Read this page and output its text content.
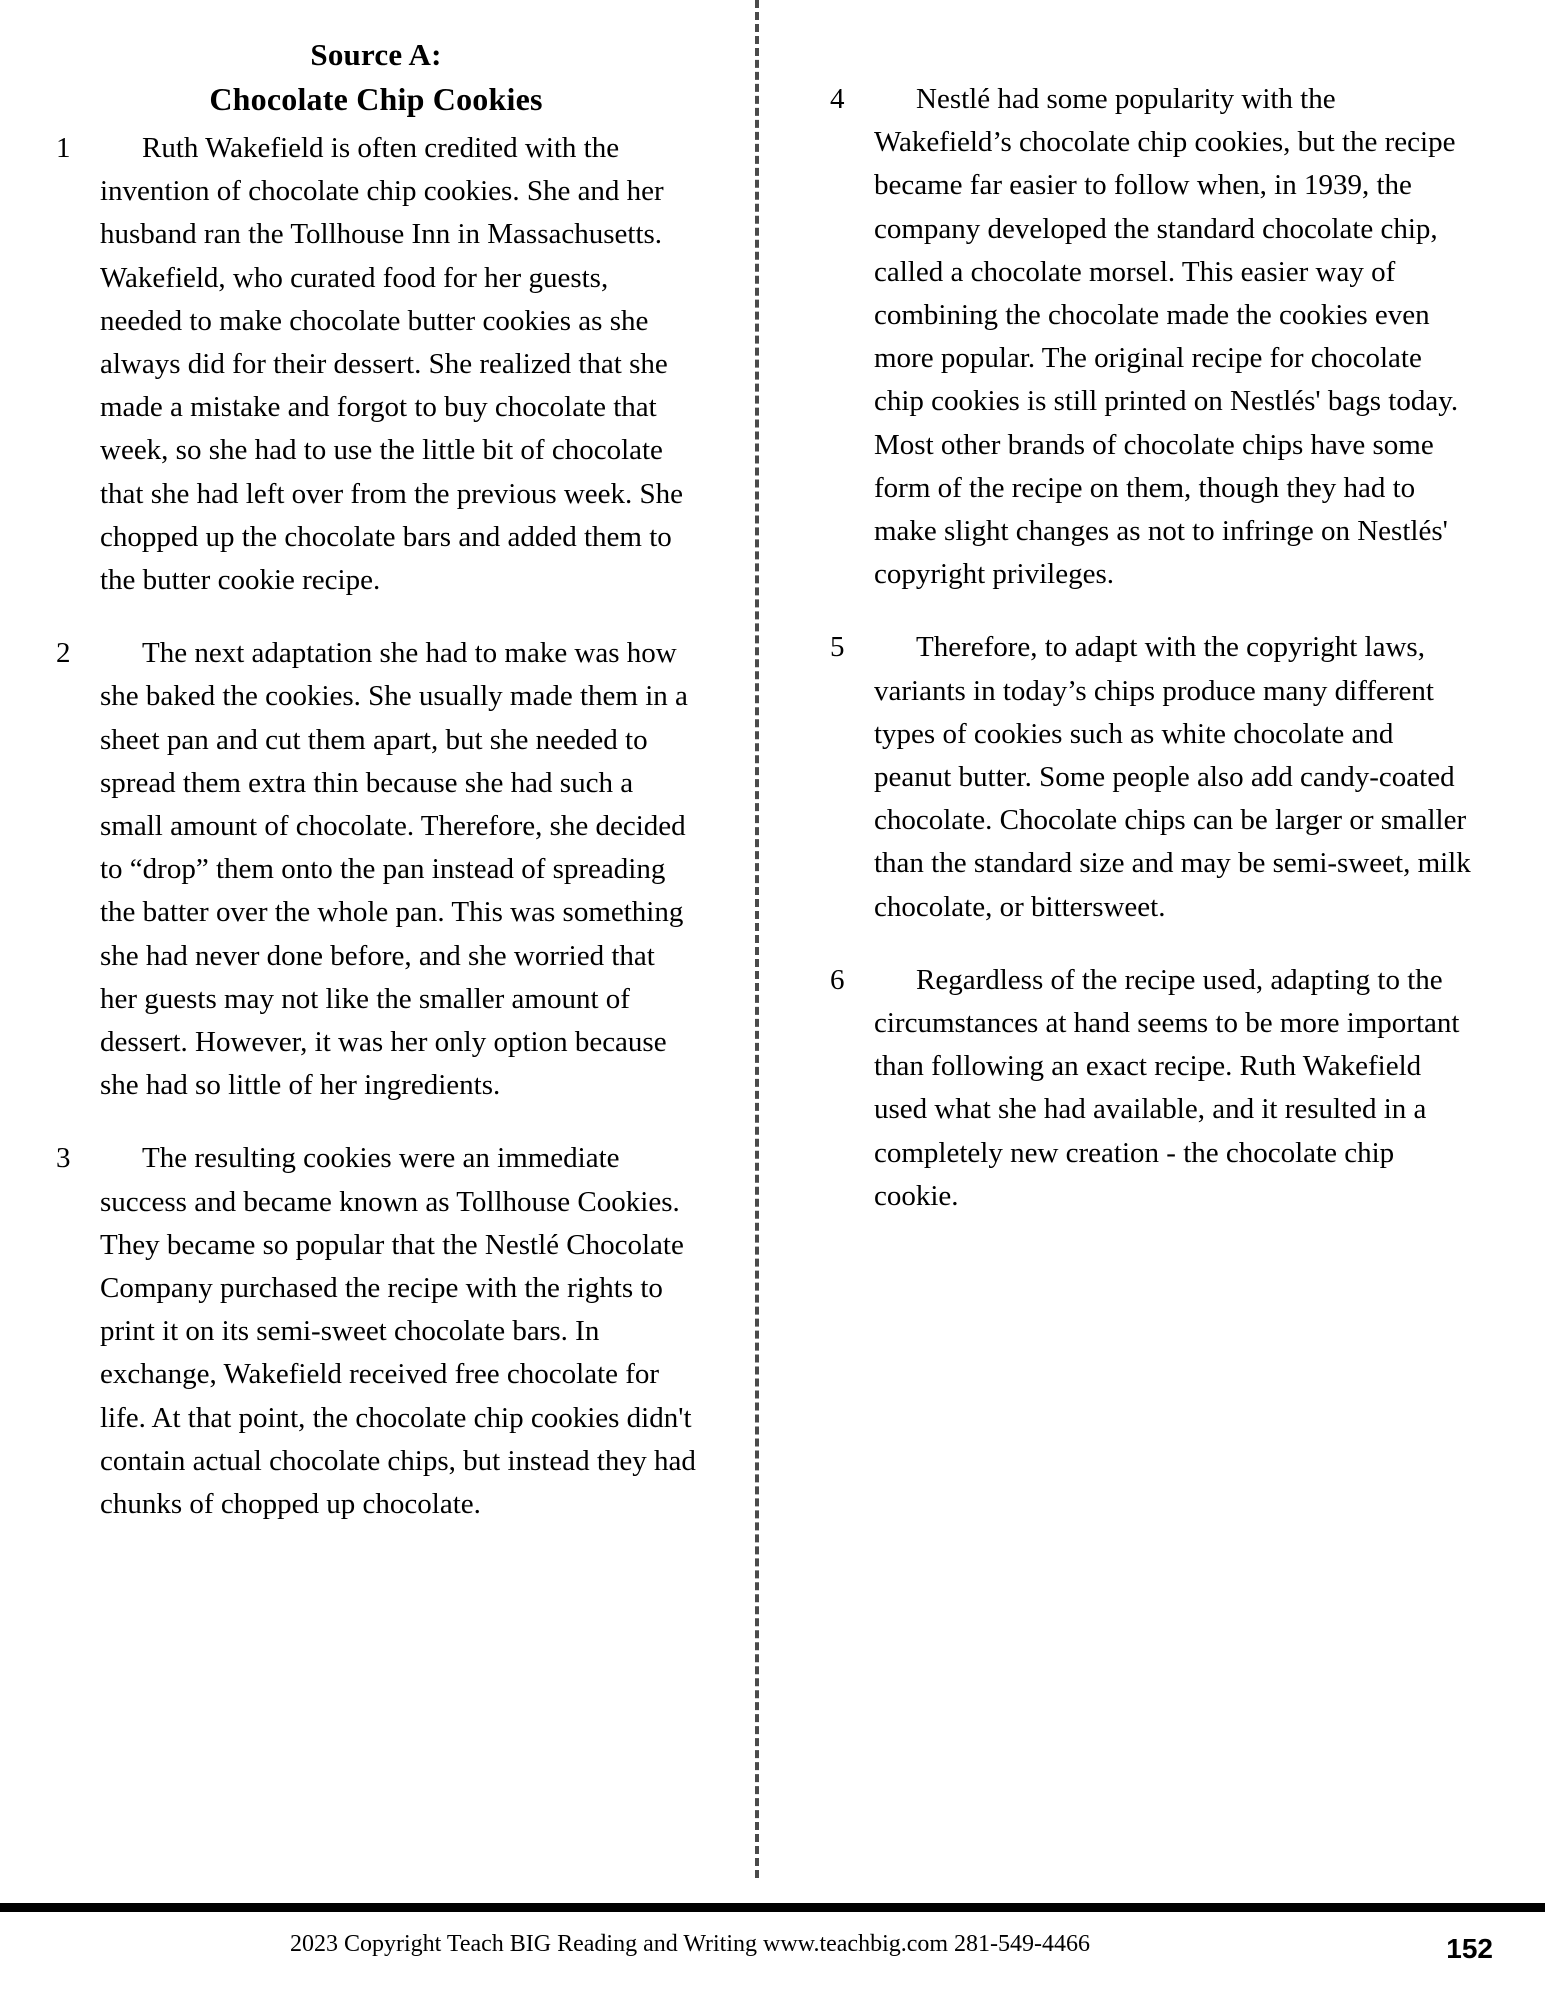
Source A:
Chocolate Chip Cookies
1	Ruth Wakefield is often credited with the invention of chocolate chip cookies. She and her husband ran the Tollhouse Inn in Massachusetts. Wakefield, who curated food for her guests, needed to make chocolate butter cookies as she always did for their dessert. She realized that she made a mistake and forgot to buy chocolate that week, so she had to use the little bit of chocolate that she had left over from the previous week. She chopped up the chocolate bars and added them to the butter cookie recipe.
2	The next adaptation she had to make was how she baked the cookies. She usually made them in a sheet pan and cut them apart, but she needed to spread them extra thin because she had such a small amount of chocolate. Therefore, she decided to “drop” them onto the pan instead of spreading the batter over the whole pan. This was something she had never done before, and she worried that her guests may not like the smaller amount of dessert. However, it was her only option because she had so little of her ingredients.
3	The resulting cookies were an immediate success and became known as Tollhouse Cookies. They became so popular that the Nestlé Chocolate Company purchased the recipe with the rights to print it on its semi-sweet chocolate bars. In exchange, Wakefield received free chocolate for life. At that point, the chocolate chip cookies didn't contain actual chocolate chips, but instead they had chunks of chopped up chocolate.
4	Nestlé had some popularity with the Wakefield’s chocolate chip cookies, but the recipe became far easier to follow when, in 1939, the company developed the standard chocolate chip, called a chocolate morsel. This easier way of combining the chocolate made the cookies even more popular. The original recipe for chocolate chip cookies is still printed on Nestlés' bags today. Most other brands of chocolate chips have some form of the recipe on them, though they had to make slight changes as not to infringe on Nestlés' copyright privileges.
5	Therefore, to adapt with the copyright laws, variants in today’s chips produce many different types of cookies such as white chocolate and peanut butter. Some people also add candy-coated chocolate. Chocolate chips can be larger or smaller than the standard size and may be semi-sweet, milk chocolate, or bittersweet.
6	Regardless of the recipe used, adapting to the circumstances at hand seems to be more important than following an exact recipe. Ruth Wakefield used what she had available, and it resulted in a completely new creation - the chocolate chip cookie.
2023 Copyright Teach BIG Reading and Writing www.teachbig.com 281-549-4466	152
